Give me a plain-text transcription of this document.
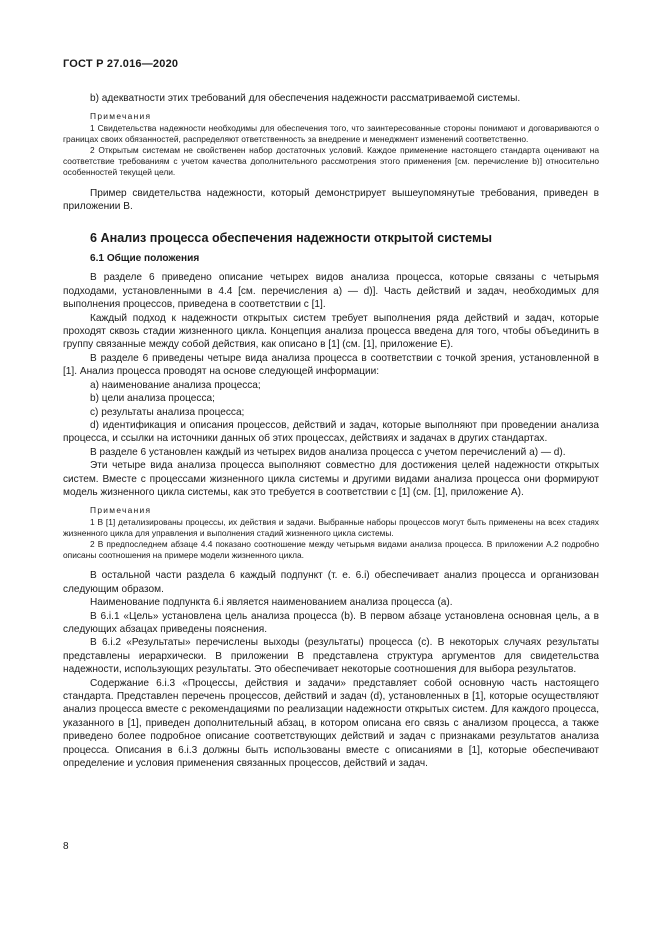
ГОСТ Р 27.016—2020

b) адекватности этих требований для обеспечения надежности рассматриваемой системы.

Примечания

1 Свидетельства надежности необходимы для обеспечения того, что заинтересованные стороны понимают и договариваются о границах своих обязанностей, распределяют ответственность за внедрение и менеджмент изменений соответственно.

2 Открытым системам не свойственен набор достаточных условий. Каждое применение настоящего стандарта оценивают на соответствие требованиям с учетом качества дополнительного рассмотрения этого применения [см. перечисление b)] относительно особенностей текущей цели.

Пример свидетельства надежности, который демонстрирует вышеупомянутые требования, приведен в приложении В.

6 Анализ процесса обеспечения надежности открытой системы

6.1 Общие положения

В разделе 6 приведено описание четырех видов анализа процесса, которые связаны с четырьмя подходами, установленными в 4.4 [см. перечисления а) — d)]. Часть действий и задач, необходимых для выполнения процессов, приведена в соответствии с [1].

Каждый подход к надежности открытых систем требует выполнения ряда действий и задач, которые проходят сквозь стадии жизненного цикла. Концепция анализа процесса введена для того, чтобы объединить в группу связанные между собой действия, как описано в [1] (см. [1], приложение Е).

В разделе 6 приведены четыре вида анализа процесса в соответствии с точкой зрения, установленной в [1]. Анализ процесса проводят на основе следующей информации:

a) наименование анализа процесса;

b) цели анализа процесса;

c) результаты анализа процесса;

d) идентификация и описания процессов, действий и задач, которые выполняют при проведении анализа процесса, и ссылки на источники данных об этих процессах, действиях и задачах в других стандартах.

В разделе 6 установлен каждый из четырех видов анализа процесса с учетом перечислений а) — d).

Эти четыре вида анализа процесса выполняют совместно для достижения целей надежности открытых систем. Вместе с процессами жизненного цикла системы и другими видами анализа процесса они формируют модель жизненного цикла системы, как это требуется в соответствии с [1] (см. [1], приложение А).

Примечания

1 В [1] детализированы процессы, их действия и задачи. Выбранные наборы процессов могут быть применены на всех стадиях жизненного цикла для управления и выполнения стадий жизненного цикла системы.

2 В предпоследнем абзаце 4.4 показано соотношение между четырьмя видами анализа процесса. В приложении А.2 подробно описаны соотношения на примере модели жизненного цикла.

В остальной части раздела 6 каждый подпункт (т. е. 6.i) обеспечивает анализ процесса и организован следующим образом.

Наименование подпункта 6.i является наименованием анализа процесса (а).

В 6.i.1 «Цель» установлена цель анализа процесса (b). В первом абзаце установлена основная цель, а в следующих абзацах приведены пояснения.

В 6.i.2 «Результаты» перечислены выходы (результаты) процесса (с). В некоторых случаях результаты представлены иерархически. В приложении В представлена структура аргументов для свидетельства надежности, использующих результаты. Это обеспечивает некоторые соотношения для выбора результатов.

Содержание 6.i.3 «Процессы, действия и задачи» представляет собой основную часть настоящего стандарта. Представлен перечень процессов, действий и задач (d), установленных в [1], которые осуществляют анализ процесса вместе с рекомендациями по реализации надежности открытых систем. Для каждого процесса, указанного в [1], приведен дополнительный абзац, в котором описана его связь с анализом процесса, а также приведено более подробное описание соответствующих действий и задач с признаками результатов анализа процесса. Описания в 6.i.3 должны быть использованы вместе с описаниями в [1], которые обеспечивают определение и условия применения связанных процессов, действий и задач.

8
